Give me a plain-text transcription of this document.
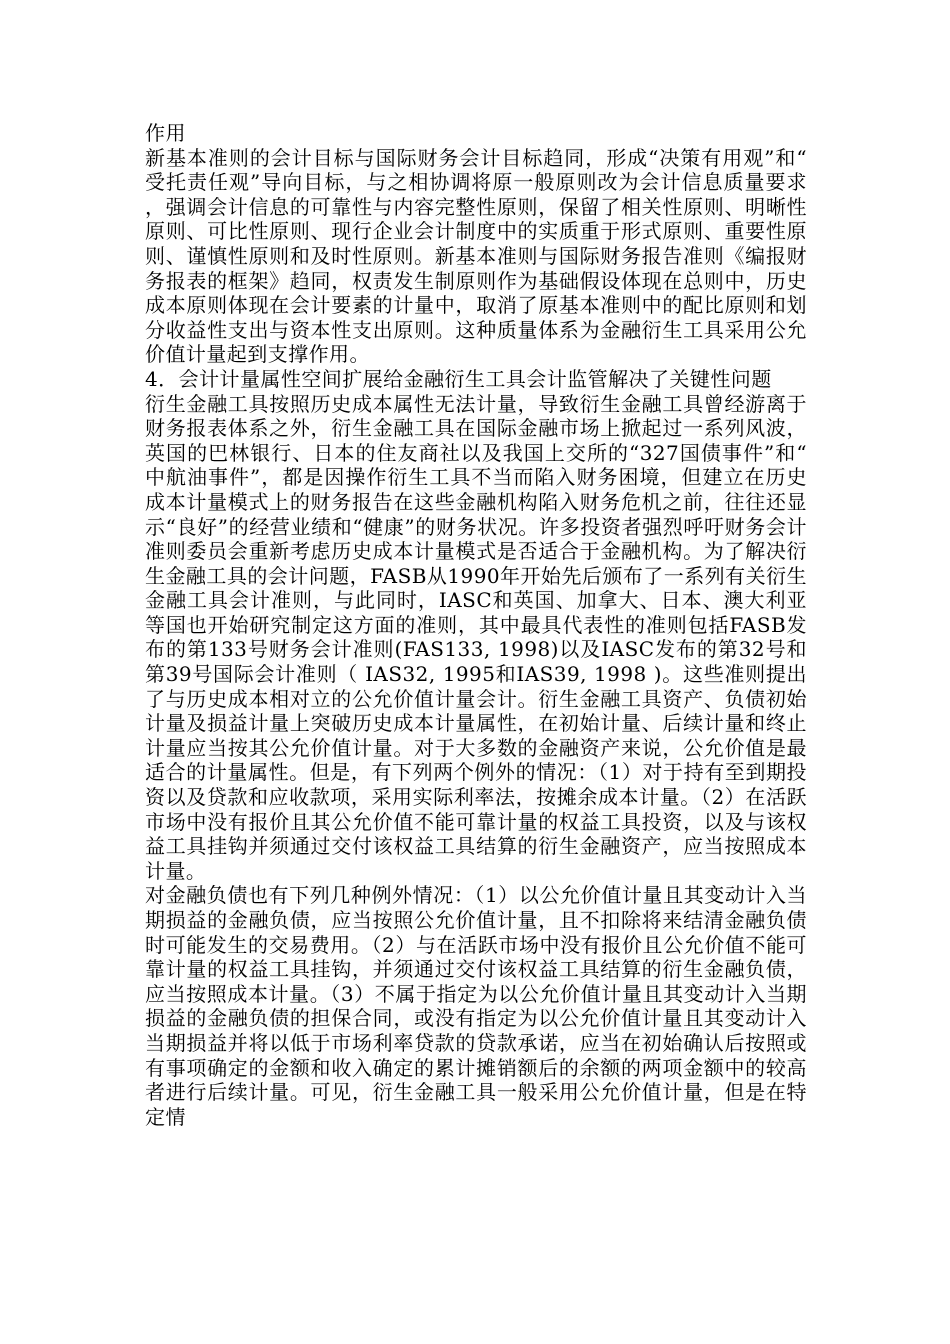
作用

新基本准则的会计目标与国际财务会计目标趋同，形成“决策有用观”和“受托责任观”导向目标，与之相协调将原一般原则改为会计信息质量要求，强调会计信息的可靠性与内容完整性原则，保留了相关性原则、明晰性原则、可比性原则、现行企业会计制度中的实质重于形式原则、重要性原则、谨慎性原则和及时性原则。新基本准则与国际财务报告准则《编报财务报表的框架》趋同，权责发生制原则作为基础假设体现在总则中，历史成本原则体现在会计要素的计量中，取消了原基本准则中的配比原则和划分收益性支出与资本性支出原则。这种质量体系为金融衍生工具采用公允价值计量起到支撑作用。

4．会计计量属性空间扩展给金融衍生工具会计监管解决了关键性问题

衍生金融工具按照历史成本属性无法计量，导致衍生金融工具曾经游离于财务报表体系之外，衍生金融工具在国际金融市场上掀起过一系列风波，英国的巴林银行、日本的住友商社以及我国上交所的“327国债事件”和“中航油事件”，都是因操作衍生工具不当而陷入财务困境，但建立在历史成本计量模式上的财务报告在这些金融机构陷入财务危机之前，往往还显示“良好”的经营业绩和“健康”的财务状况。许多投资者强烈呼吁财务会计准则委员会重新考虑历史成本计量模式是否适合于金融机构。为了解决衍生金融工具的会计问题，FASB从1990年开始先后颁布了一系列有关衍生金融工具会计准则，与此同时，IASC和英国、加拿大、日本、澳大利亚等国也开始研究制定这方面的准则，其中最具代表性的准则包括FASB发布的第133号财务会计准则(FAS133, 1998)以及IASC发布的第32号和第39号国际会计准则（ IAS32, 1995和IAS39, 1998 )。这些准则提出了与历史成本相对立的公允价值计量会计。衍生金融工具资产、负债初始计量及损益计量上突破历史成本计量属性，在初始计量、后续计量和终止计量应当按其公允价值计量。对于大多数的金融资产来说，公允价值是最适合的计量属性。但是，有下列两个例外的情况：（1）对于持有至到期投资以及贷款和应收款项，采用实际利率法，按摊余成本计量。（2）在活跃市场中没有报价且其公允价值不能可靠计量的权益工具投资，以及与该权益工具挂钩并须通过交付该权益工具结算的衍生金融资产，应当按照成本计量。

对金融负债也有下列几种例外情况：（1）以公允价值计量且其变动计入当期损益的金融负债，应当按照公允价值计量，且不扣除将来结清金融负债时可能发生的交易费用。（2）与在活跃市场中没有报价且公允价值不能可靠计量的权益工具挂钩，并须通过交付该权益工具结算的衍生金融负债，应当按照成本计量。（3）不属于指定为以公允价值计量且其变动计入当期损益的金融负债的担保合同，或没有指定为以公允价值计量且其变动计入当期损益并将以低于市场利率贷款的贷款承诺，应当在初始确认后按照或有事项确定的金额和收入确定的累计摊销额后的余额的两项金额中的较高者进行后续计量。可见，衍生金融工具一般采用公允价值计量，但是在特定情
